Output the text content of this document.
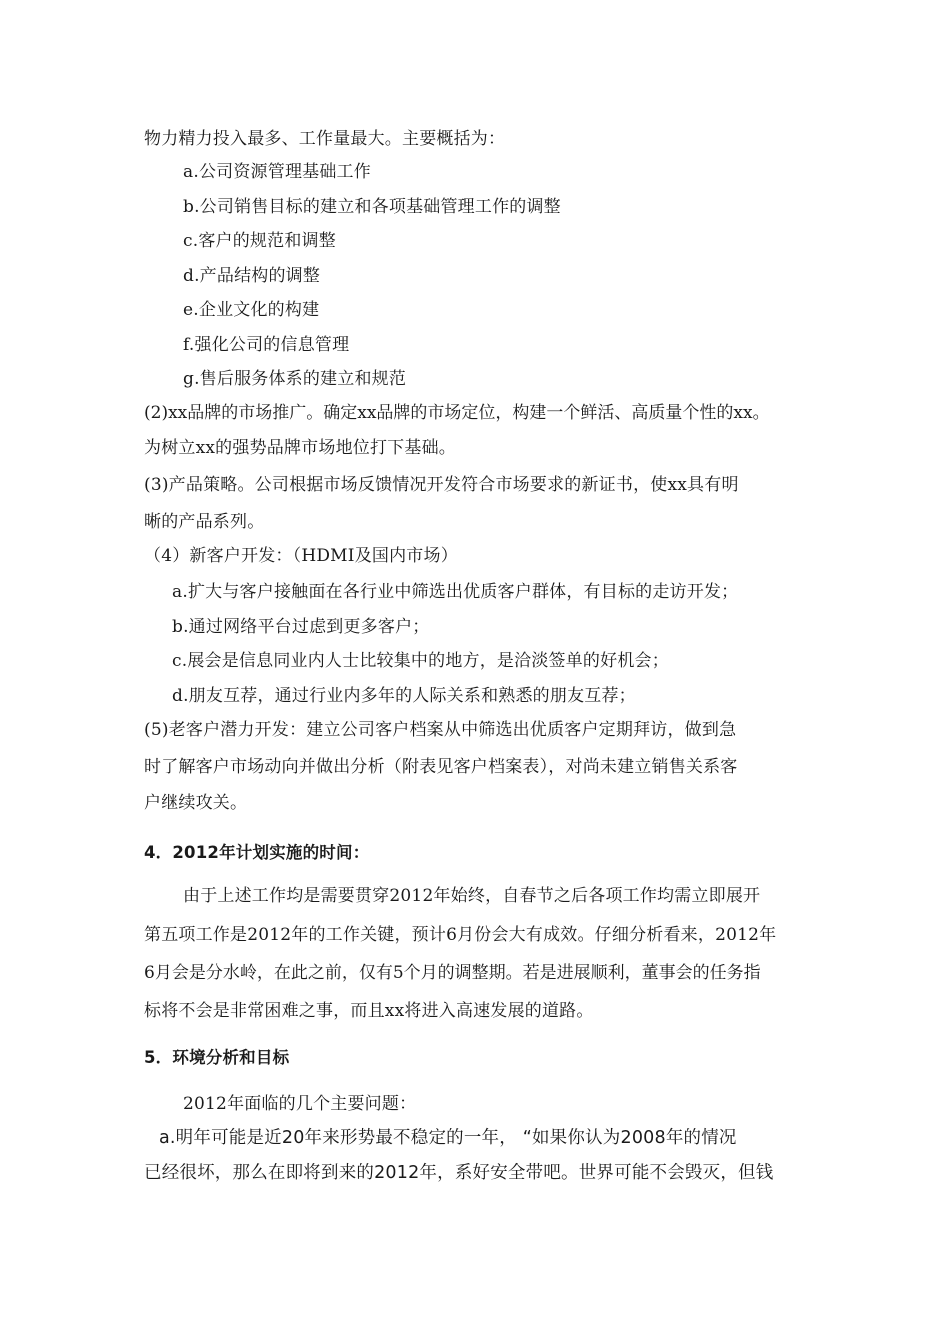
物力精力投入最多、工作量最大。主要概括为：
a.公司资源管理基础工作
b.公司销售目标的建立和各项基础管理工作的调整
c.客户的规范和调整
d.产品结构的调整
e.企业文化的构建
f.强化公司的信息管理
g.售后服务体系的建立和规范
(2)xx品牌的市场推广。确定xx品牌的市场定位，构建一个鲜活、高质量个性的xx。
为树立xx的强势品牌市场地位打下基础。
(3)产品策略。公司根据市场反馈情况开发符合市场要求的新证书，使xx具有明
晰的产品系列。
（4）新客户开发：（HDMI及国内市场）
a.扩大与客户接触面在各行业中筛选出优质客户群体，有目标的走访开发；
b.通过网络平台过虑到更多客户；
c.展会是信息同业内人士比较集中的地方，是洽淡签单的好机会；
d.朋友互荐，通过行业内多年的人际关系和熟悉的朋友互荐；
(5)老客户潜力开发：建立公司客户档案从中筛选出优质客户定期拜访，做到急
时了解客户市场动向并做出分析（附表见客户档案表），对尚未建立销售关系客
户继续攻关。
4．2012年计划实施的时间：
由于上述工作均是需要贯穿2012年始终，自春节之后各项工作均需立即展开
第五项工作是2012年的工作关键，预计6月份会大有成效。仔细分析看来，2012年
6月会是分水岭，在此之前，仅有5个月的调整期。若是进展顺利，董事会的任务指
标将不会是非常困难之事，而且xx将进入高速发展的道路。
5．环境分析和目标
2012年面临的几个主要问题：
a.明年可能是近20年来形势最不稳定的一年， “如果你认为2008年的情况
已经很坏，那么在即将到来的2012年，系好安全带吧。世界可能不会毁灭，但钱
